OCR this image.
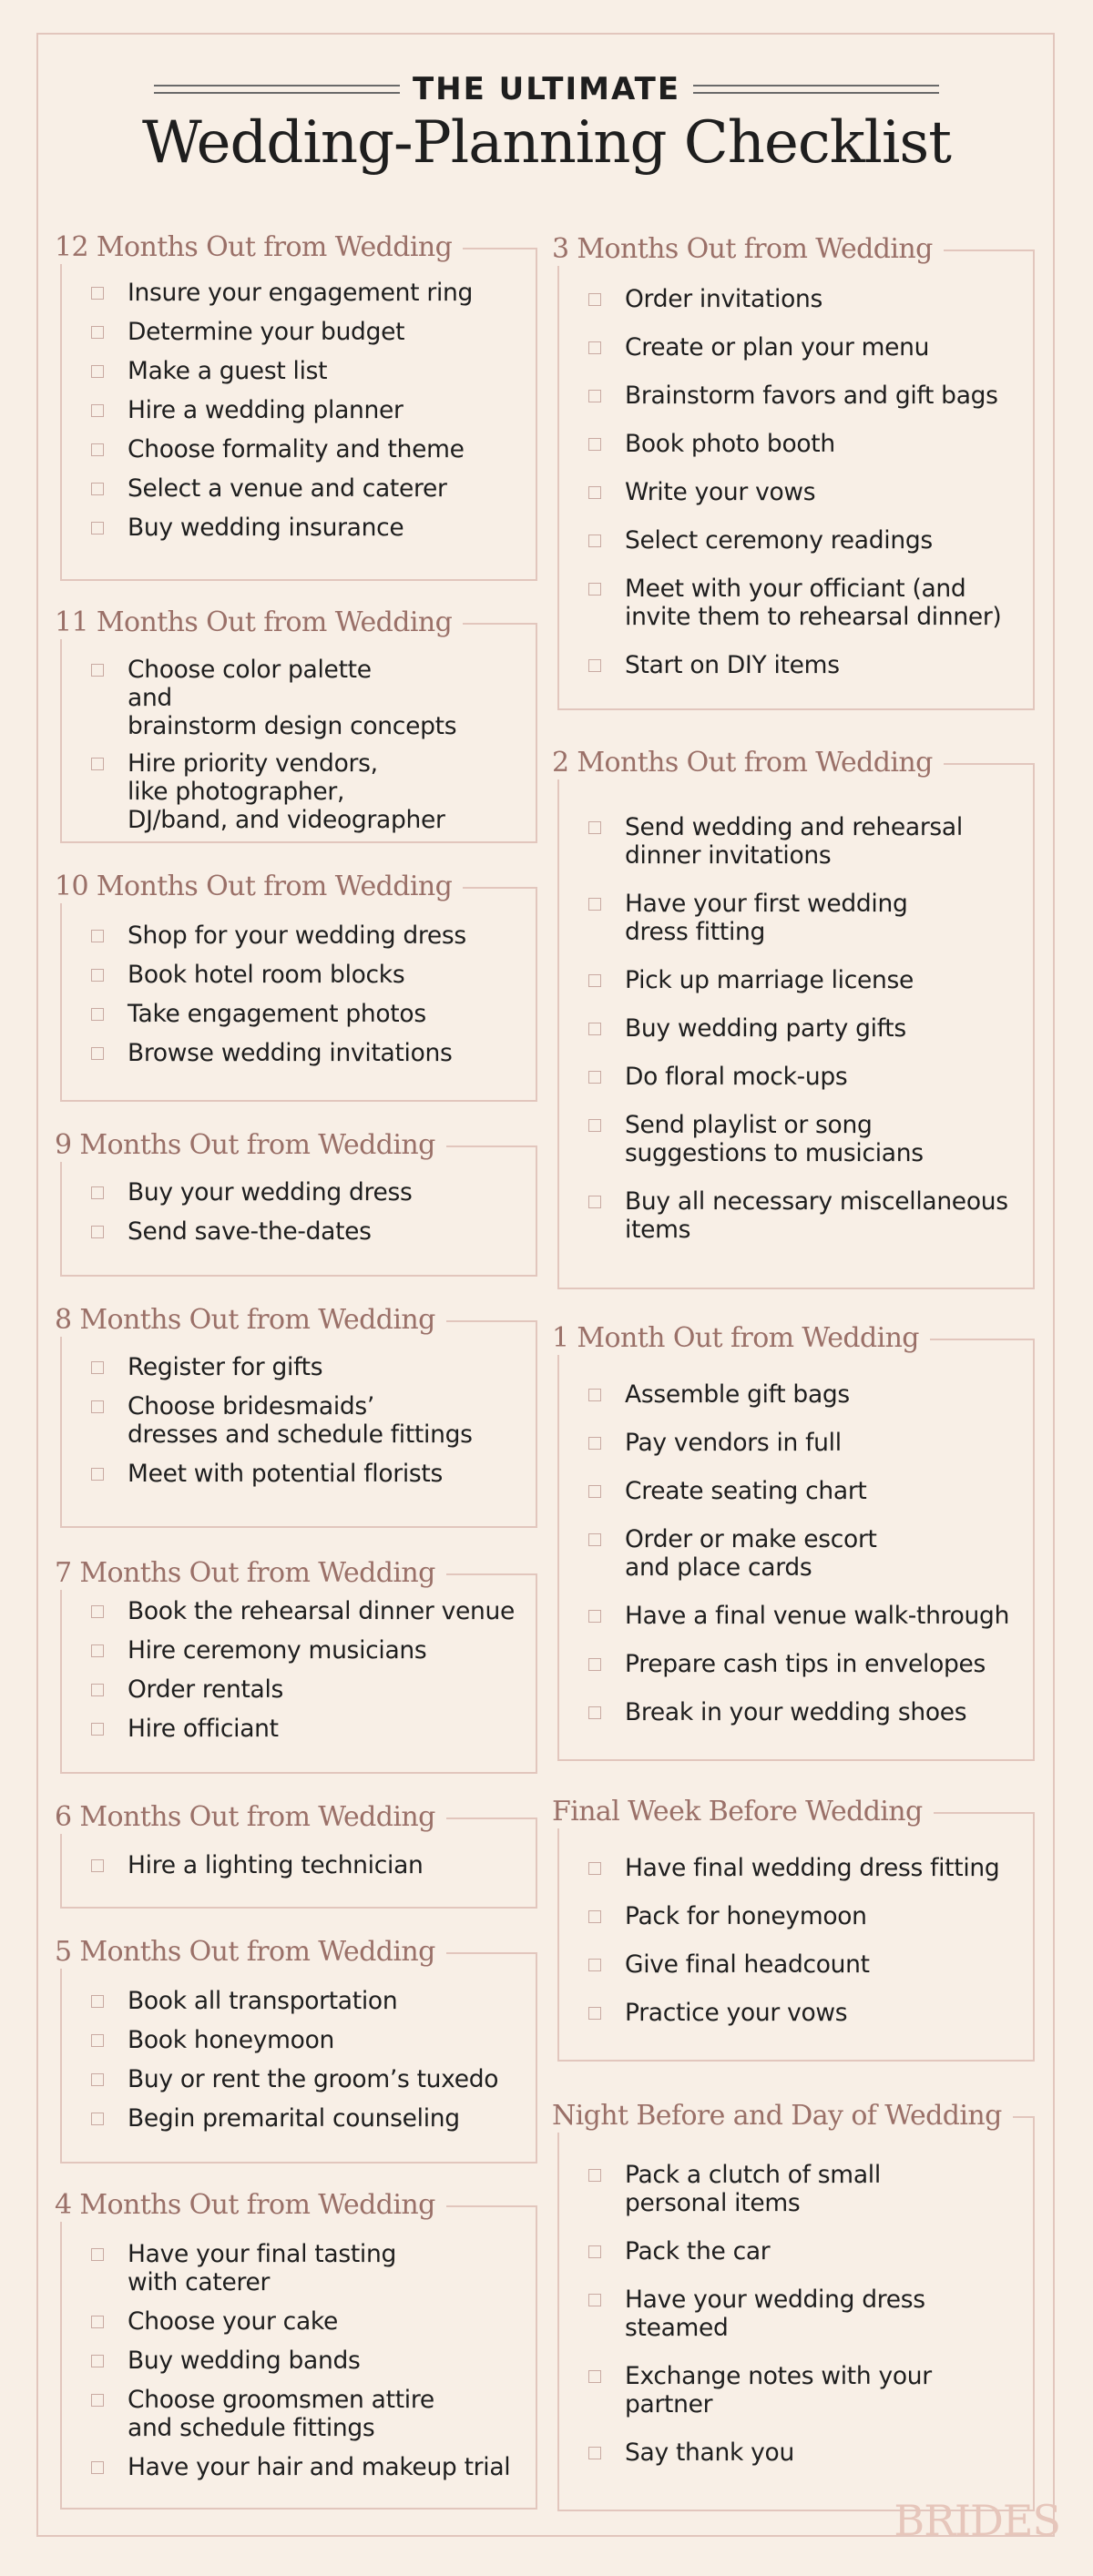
THE ULTIMATE
Wedding-Planning Checklist
12 Months Out from Wedding
Insure your engagement ring
Determine your budget
Make a guest list
Hire a wedding planner
Choose formality and theme
Select a venue and caterer
Buy wedding insurance
11 Months Out from Wedding
Choose color palette
and
brainstorm design concepts
Hire priority vendors,
like photographer,
DJ/band, and videographer
10 Months Out from Wedding
Shop for your wedding dress
Book hotel room blocks
Take engagement photos
Browse wedding invitations
9 Months Out from Wedding
Buy your wedding dress
Send save-the-dates
8 Months Out from Wedding
Register for gifts
Choose bridesmaids’
dresses and schedule fittings
Meet with potential florists
7 Months Out from Wedding
Book the rehearsal dinner venue
Hire ceremony musicians
Order rentals
Hire officiant
6 Months Out from Wedding
Hire a lighting technician
5 Months Out from Wedding
Book all transportation
Book honeymoon
Buy or rent the groom’s tuxedo
Begin premarital counseling
4 Months Out from Wedding
Have your final tasting
with caterer
Choose your cake
Buy wedding bands
Choose groomsmen attire
and schedule fittings
Have your hair and makeup trial
3 Months Out from Wedding
Order invitations
Create or plan your menu
Brainstorm favors and gift bags
Book photo booth
Write your vows
Select ceremony readings
Meet with your officiant (and
invite them to rehearsal dinner)
Start on DIY items
2 Months Out from Wedding
Send wedding and rehearsal
dinner invitations
Have your first wedding
dress fitting
Pick up marriage license
Buy wedding party gifts
Do floral mock-ups
Send playlist or song
suggestions to musicians
Buy all necessary miscellaneous
items
1 Month Out from Wedding
Assemble gift bags
Pay vendors in full
Create seating chart
Order or make escort
and place cards
Have a final venue walk-through
Prepare cash tips in envelopes
Break in your wedding shoes
Final Week Before Wedding
Have final wedding dress fitting
Pack for honeymoon
Give final headcount
Practice your vows
Night Before and Day of Wedding
Pack a clutch of small
personal items
Pack the car
Have your wedding dress
steamed
Exchange notes with your
partner
Say thank you
BRIDES
